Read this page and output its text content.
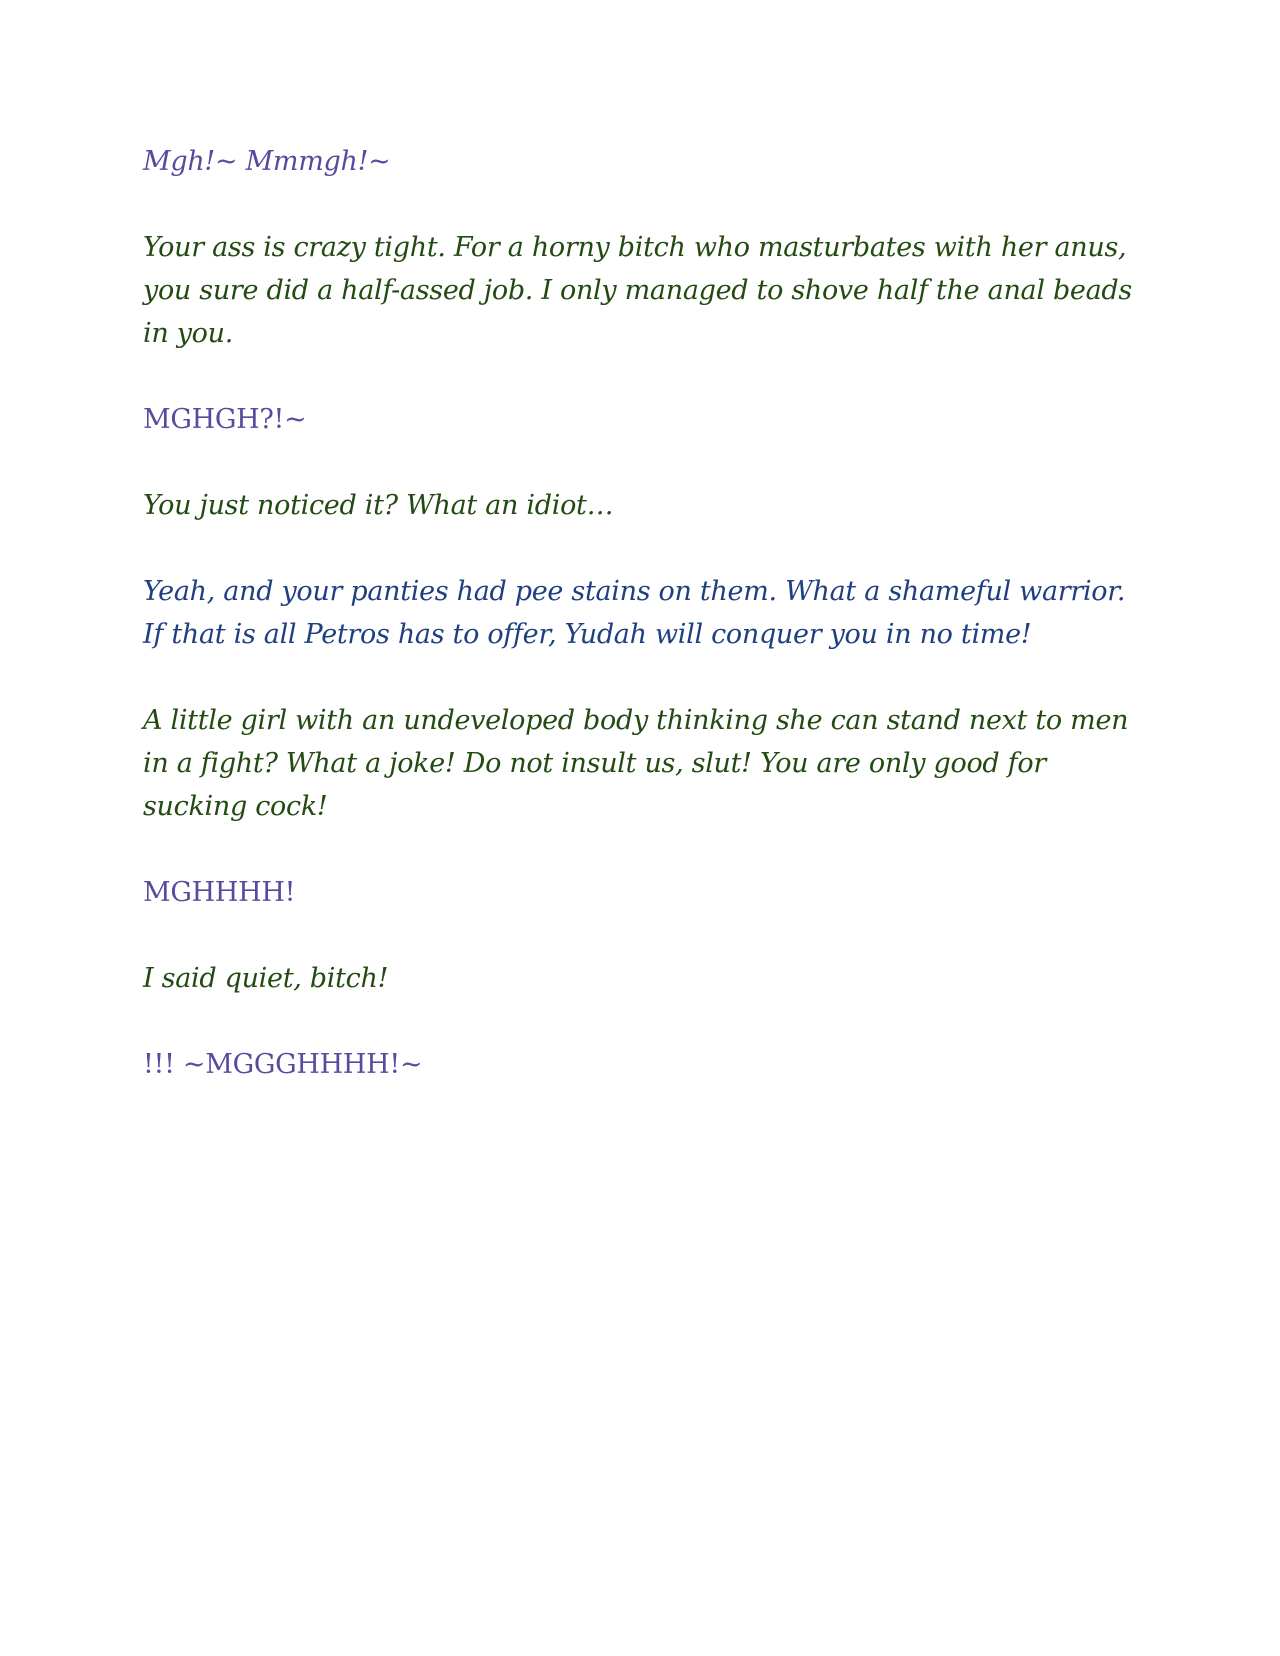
Mgh!~ Mmmgh!~

Your ass is crazy tight. For a horny bitch who masturbates with her anus, you sure did a half-assed job. I only managed to shove half the anal beads in you.

MGHGH?!~

You just noticed it? What an idiot…

Yeah, and your panties had pee stains on them. What a shameful warrior. If that is all Petros has to offer, Yudah will conquer you in no time!

A little girl with an undeveloped body thinking she can stand next to men in a fight? What a joke! Do not insult us, slut! You are only good for sucking cock!

MGHHHH!

I said quiet, bitch!

!!! ~MGGGHHHH!~
